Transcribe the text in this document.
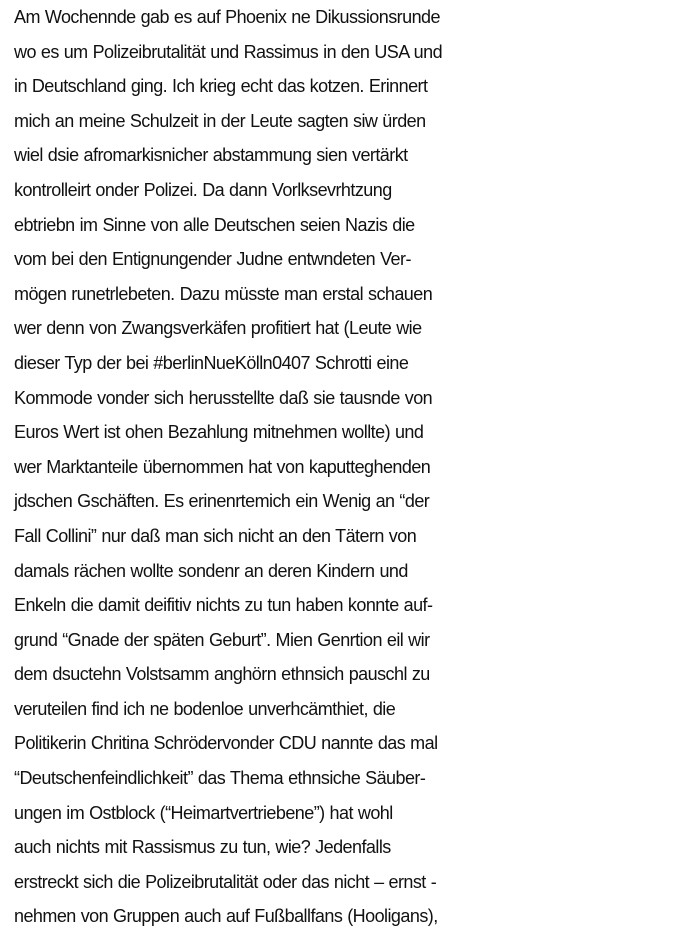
Am Wochennde gab es auf Phoenix ne Dikussionsrunde
wo es um Polizeibrutalität und Rassimus in den USA und
in Deutschland ging. Ich krieg echt das kotzen. Erinnert
mich an meine Schulzeit in der Leute sagten siw ürden
wiel dsie afromarkisnicher abstammung sien vertärkt
kontrolleirt onder Polizei. Da dann Vorlksevrhtzung
ebtriebn im Sinne von alle Deutschen seien Nazis die
vom bei den Entignungender Judne entwndeten Ver-
mögen runetrlebeten. Dazu müsste man erstal schauen
wer denn von Zwangsverkäfen profitiert hat (Leute wie
dieser Typ der bei #berlinNueKölln0407 Schrotti eine
Kommode vonder sich herusstellte daß sie tausnde von
Euros Wert ist ohen Bezahlung mitnehmen wollte) und
wer Marktanteile übernommen hat von kaputteghenden
jdschen Gschäften. Es erinenrtemich ein Wenig an “der
Fall Collini” nur daß man sich nicht an den Tätern von
damals rächen wollte sondenr an deren Kindern und
Enkeln die damit deifitiv nichts zu tun haben konnte auf-
grund “Gnade der späten Geburt”. Mien Genrtion eil wir
dem dsuctehn Volstsamm anghörn ethnsich pauschl zu
veruteilen find ich ne bodenloe unverhcämthiet, die
Politikerin Chritina Schrödervonder CDU nannte das mal
“Deutschenfeindlichkeit” das Thema ethnsiche Säuber-
ungen im Ostblock (“Heimartvertriebene”) hat wohl
auch nichts mit Rassismus zu tun, wie? Jedenfalls
erstreckt sich die Polizeibrutalität oder das nicht – ernst -
nehmen von Gruppen auch auf Fußballfans (Hooligans),
